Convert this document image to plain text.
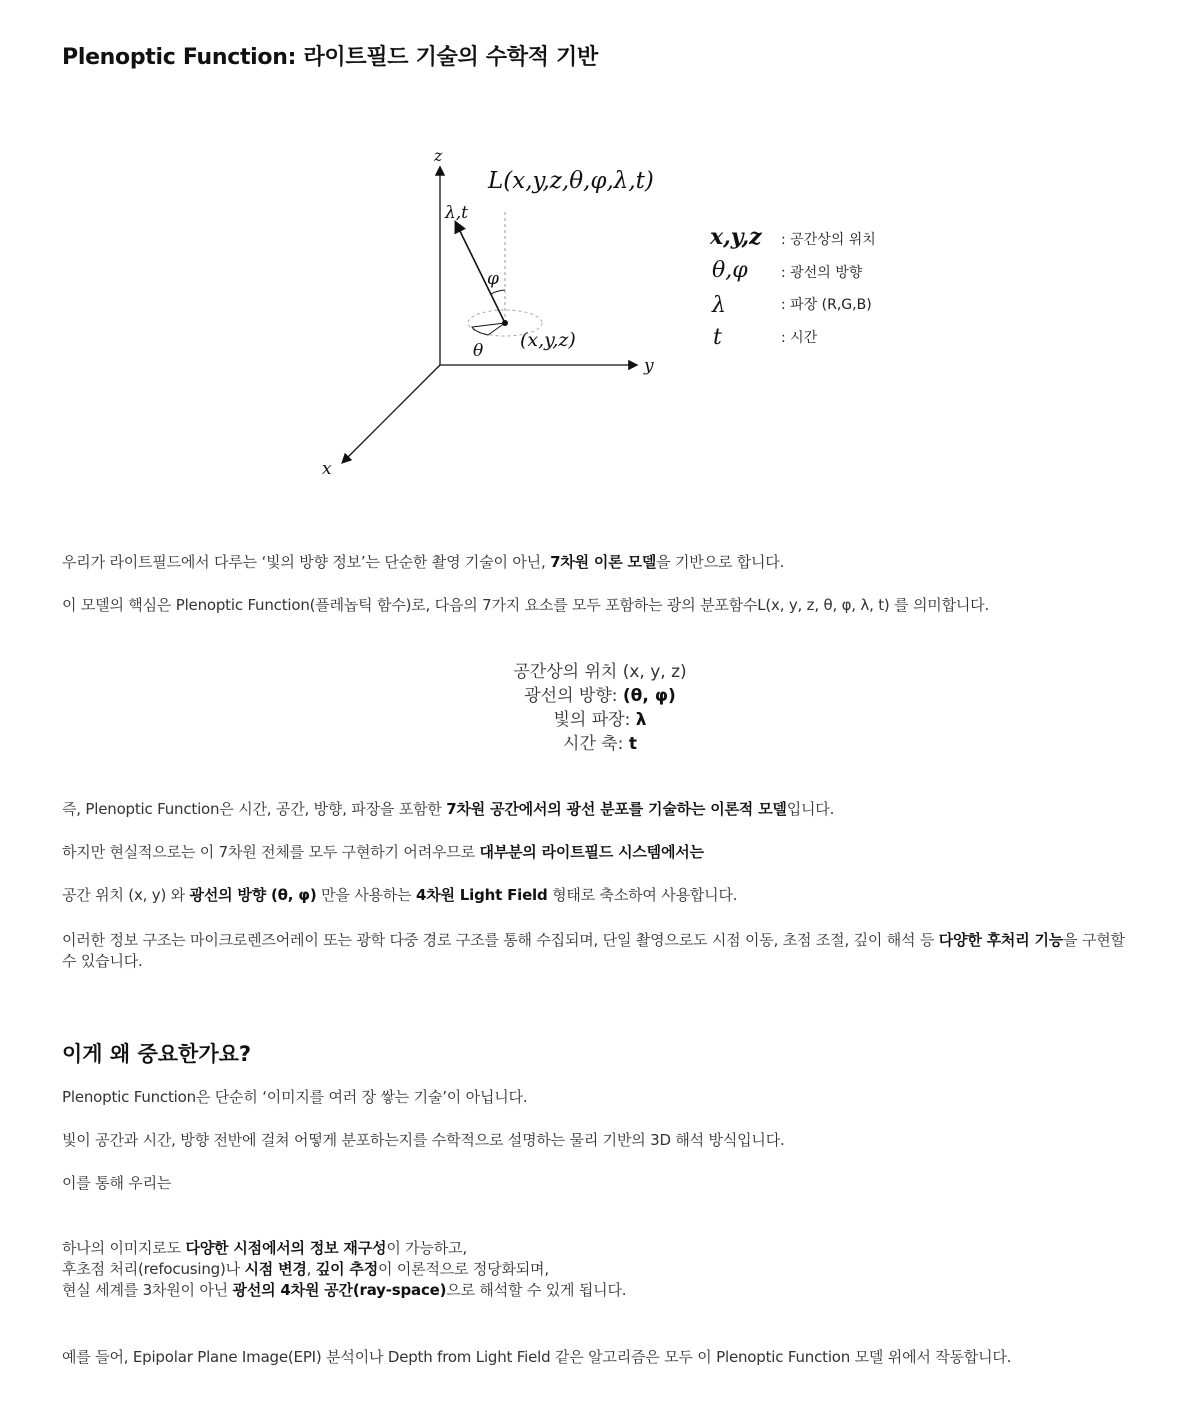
Plenoptic Function: 라이트필드 기술의 수학적 기반
z
y
x
L(x,y,z,θ,φ,λ,t)
λ,t
φ
θ (x,y,z)
x,y,z : 공간상의 위치
θ,φ : 광선의 방향
λ	: 파장 (R,G,B)
t	: 시간
우리가 라이트필드에서 다루는 ‘빛의 방향 정보’는 단순한 촬영 기술이 아닌, 7차원 이론 모델을 기반으로 합니다.
이 모델의 핵심은 Plenoptic Function(플레놉틱 함수)로, 다음의 7가지 요소를 모두 포함하는 광의 분포함수L(x, y, z, θ, φ, λ, t) 를 의미합니다.
공간상의 위치 (x, y, z)
광선의 방향: (θ, φ)
빛의 파장: λ
시간 축: t
즉, Plenoptic Function은 시간, 공간, 방향, 파장을 포함한 7차원 공간에서의 광선 분포를 기술하는 이론적 모델입니다.
하지만 현실적으로는 이 7차원 전체를 모두 구현하기 어려우므로 대부분의 라이트필드 시스템에서는
공간 위치 (x, y) 와 광선의 방향 (θ, φ) 만을 사용하는 4차원 Light Field 형태로 축소하여 사용합니다.
이러한 정보 구조는 마이크로렌즈어레이 또는 광학 다중 경로 구조를 통해 수집되며, 단일 촬영으로도 시점 이동, 초점 조절, 깊이 해석 등 다양한 후처리 기능을 구현할 수 있습니다.
이게 왜 중요한가요?
Plenoptic Function은 단순히 ‘이미지를 여러 장 쌓는 기술’이 아닙니다.
빛이 공간과 시간, 방향 전반에 걸쳐 어떻게 분포하는지를 수학적으로 설명하는 물리 기반의 3D 해석 방식입니다.
이를 통해 우리는
하나의 이미지로도 다양한 시점에서의 정보 재구성이 가능하고,
후초점 처리(refocusing)나 시점 변경, 깊이 추정이 이론적으로 정당화되며,
현실 세계를 3차원이 아닌 광선의 4차원 공간(ray-space)으로 해석할 수 있게 됩니다.
예를 들어, Epipolar Plane Image(EPI) 분석이나 Depth from Light Field 같은 알고리즘은 모두 이 Plenoptic Function 모델 위에서 작동합니다.
